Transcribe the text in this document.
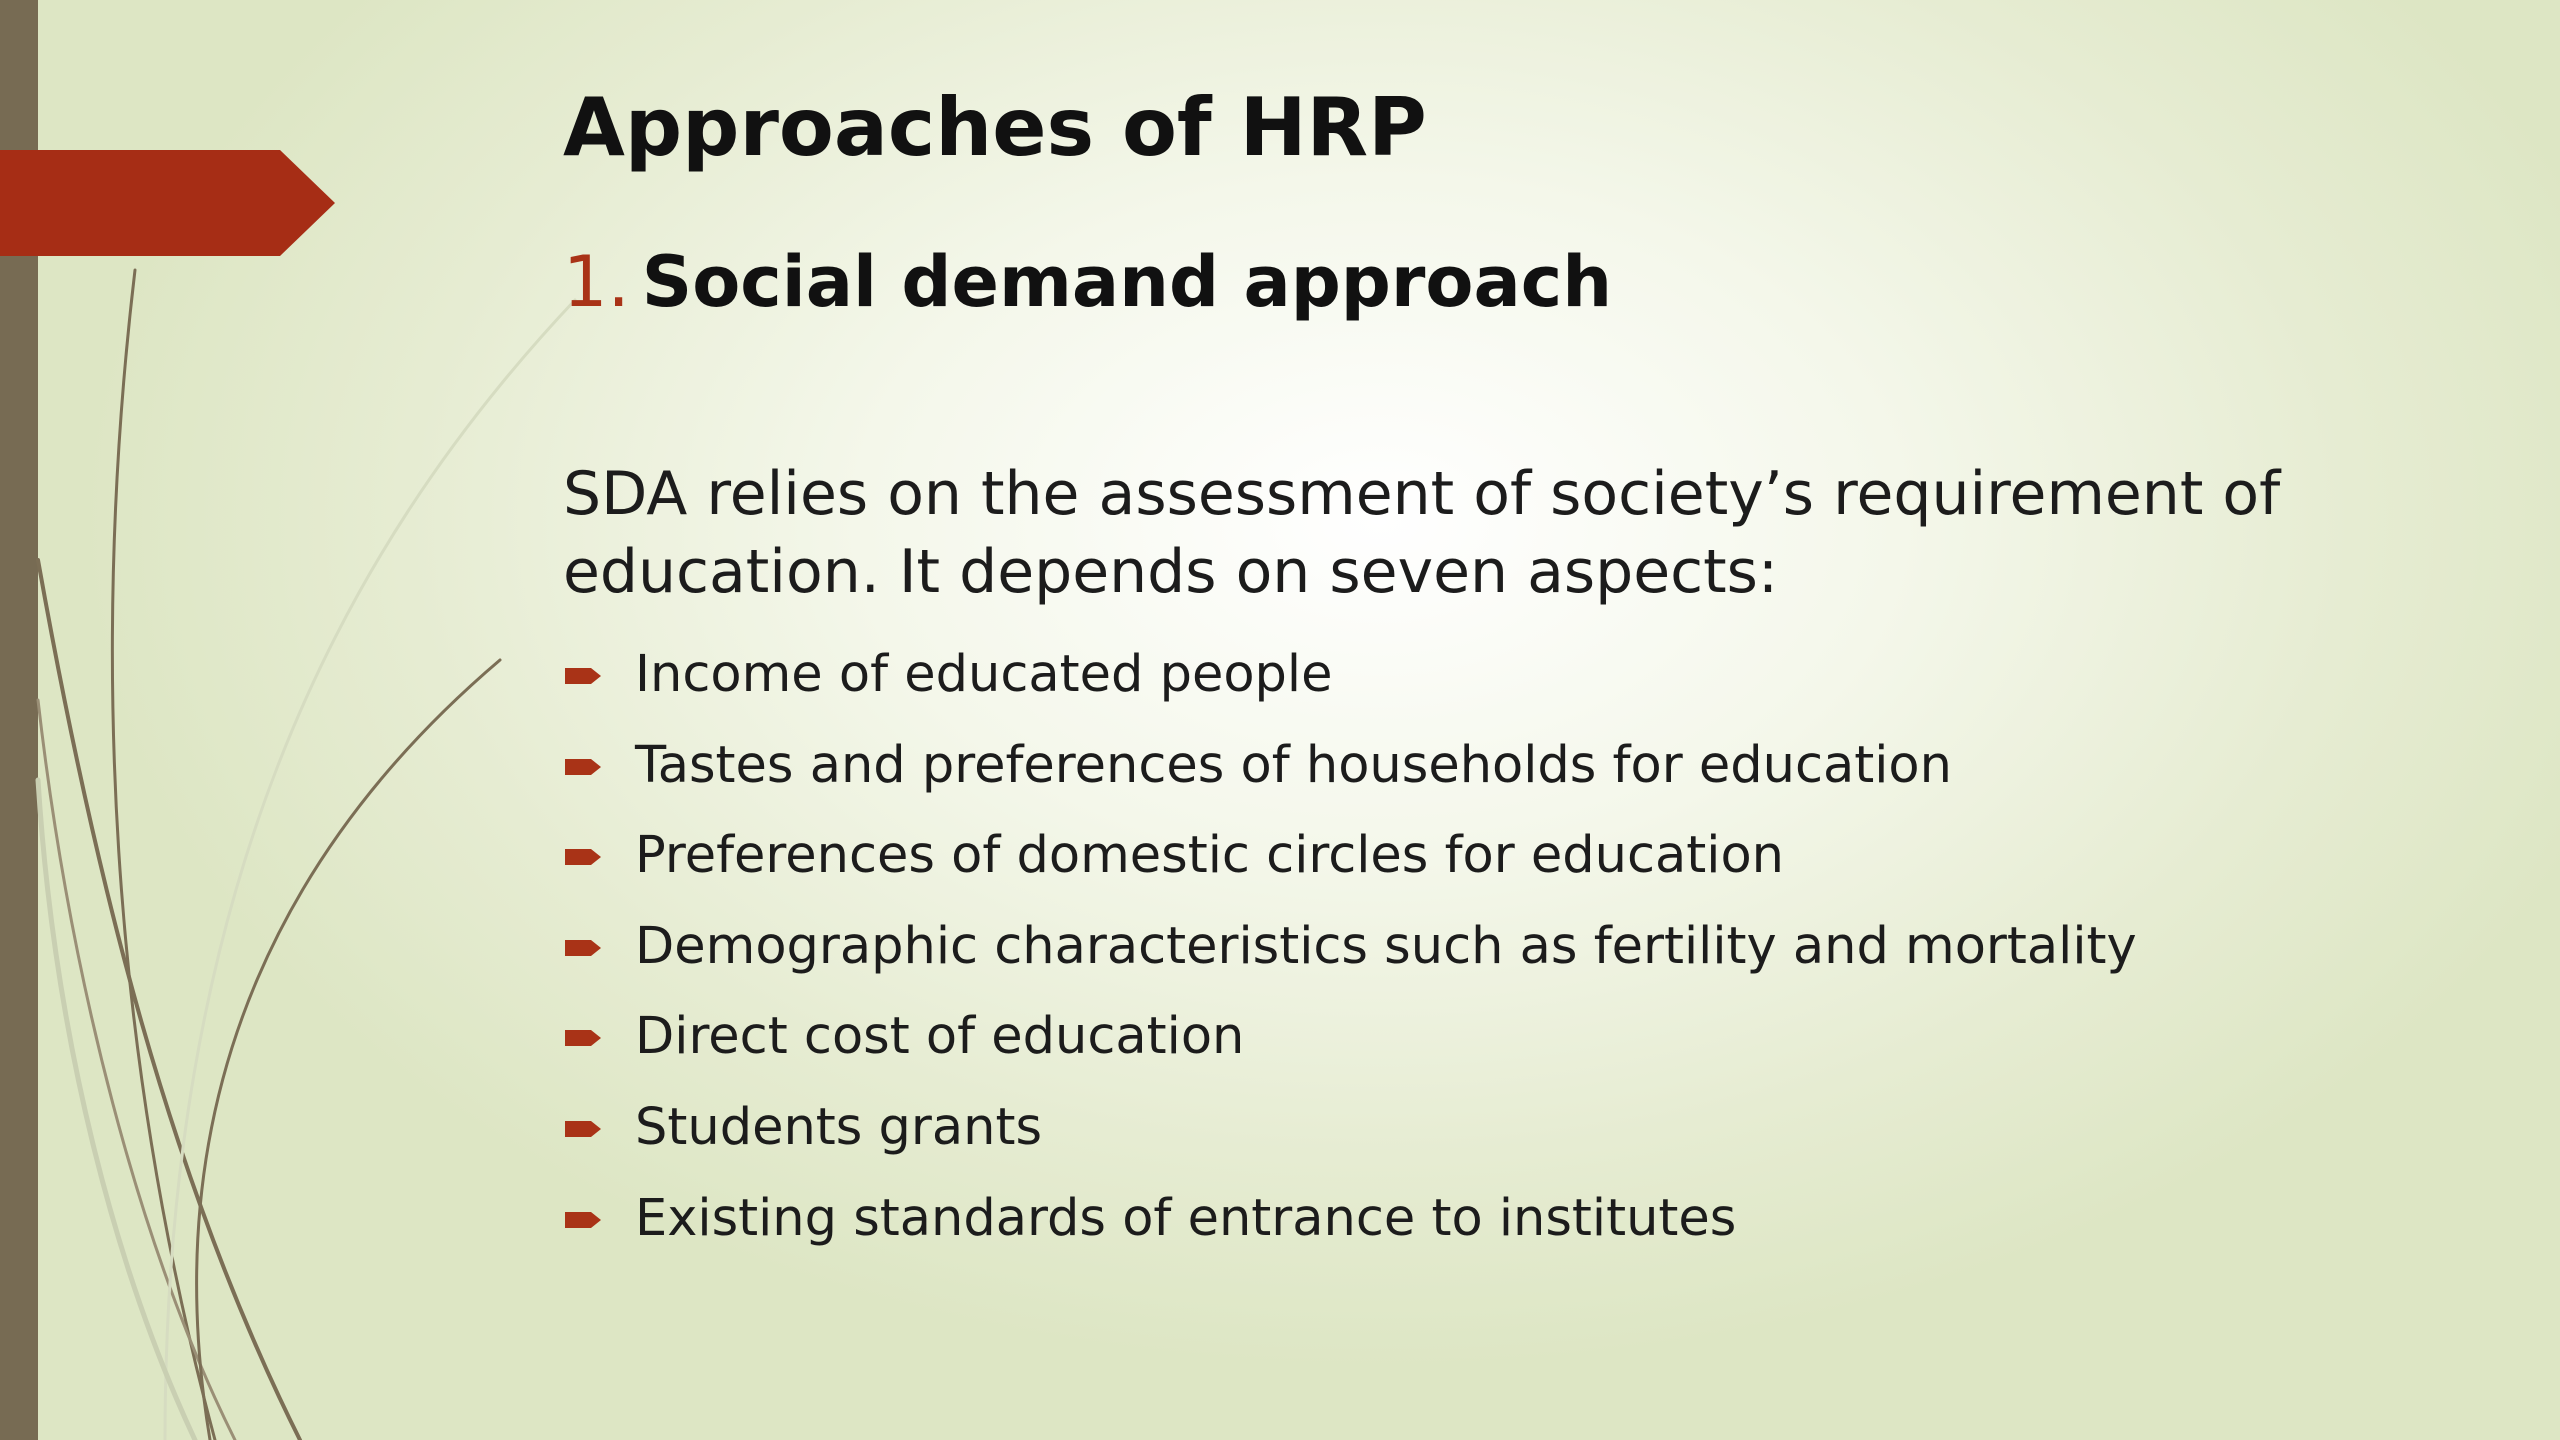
Approaches of HRP
1. Social demand approach

SDA relies on the assessment of society’s requirement of education. It depends on seven aspects:

Income of educated people
Tastes and preferences of households for education
Preferences of domestic circles for education
Demographic characteristics such as fertility and mortality
Direct cost of education
Students grants
Existing standards of entrance to institutes
